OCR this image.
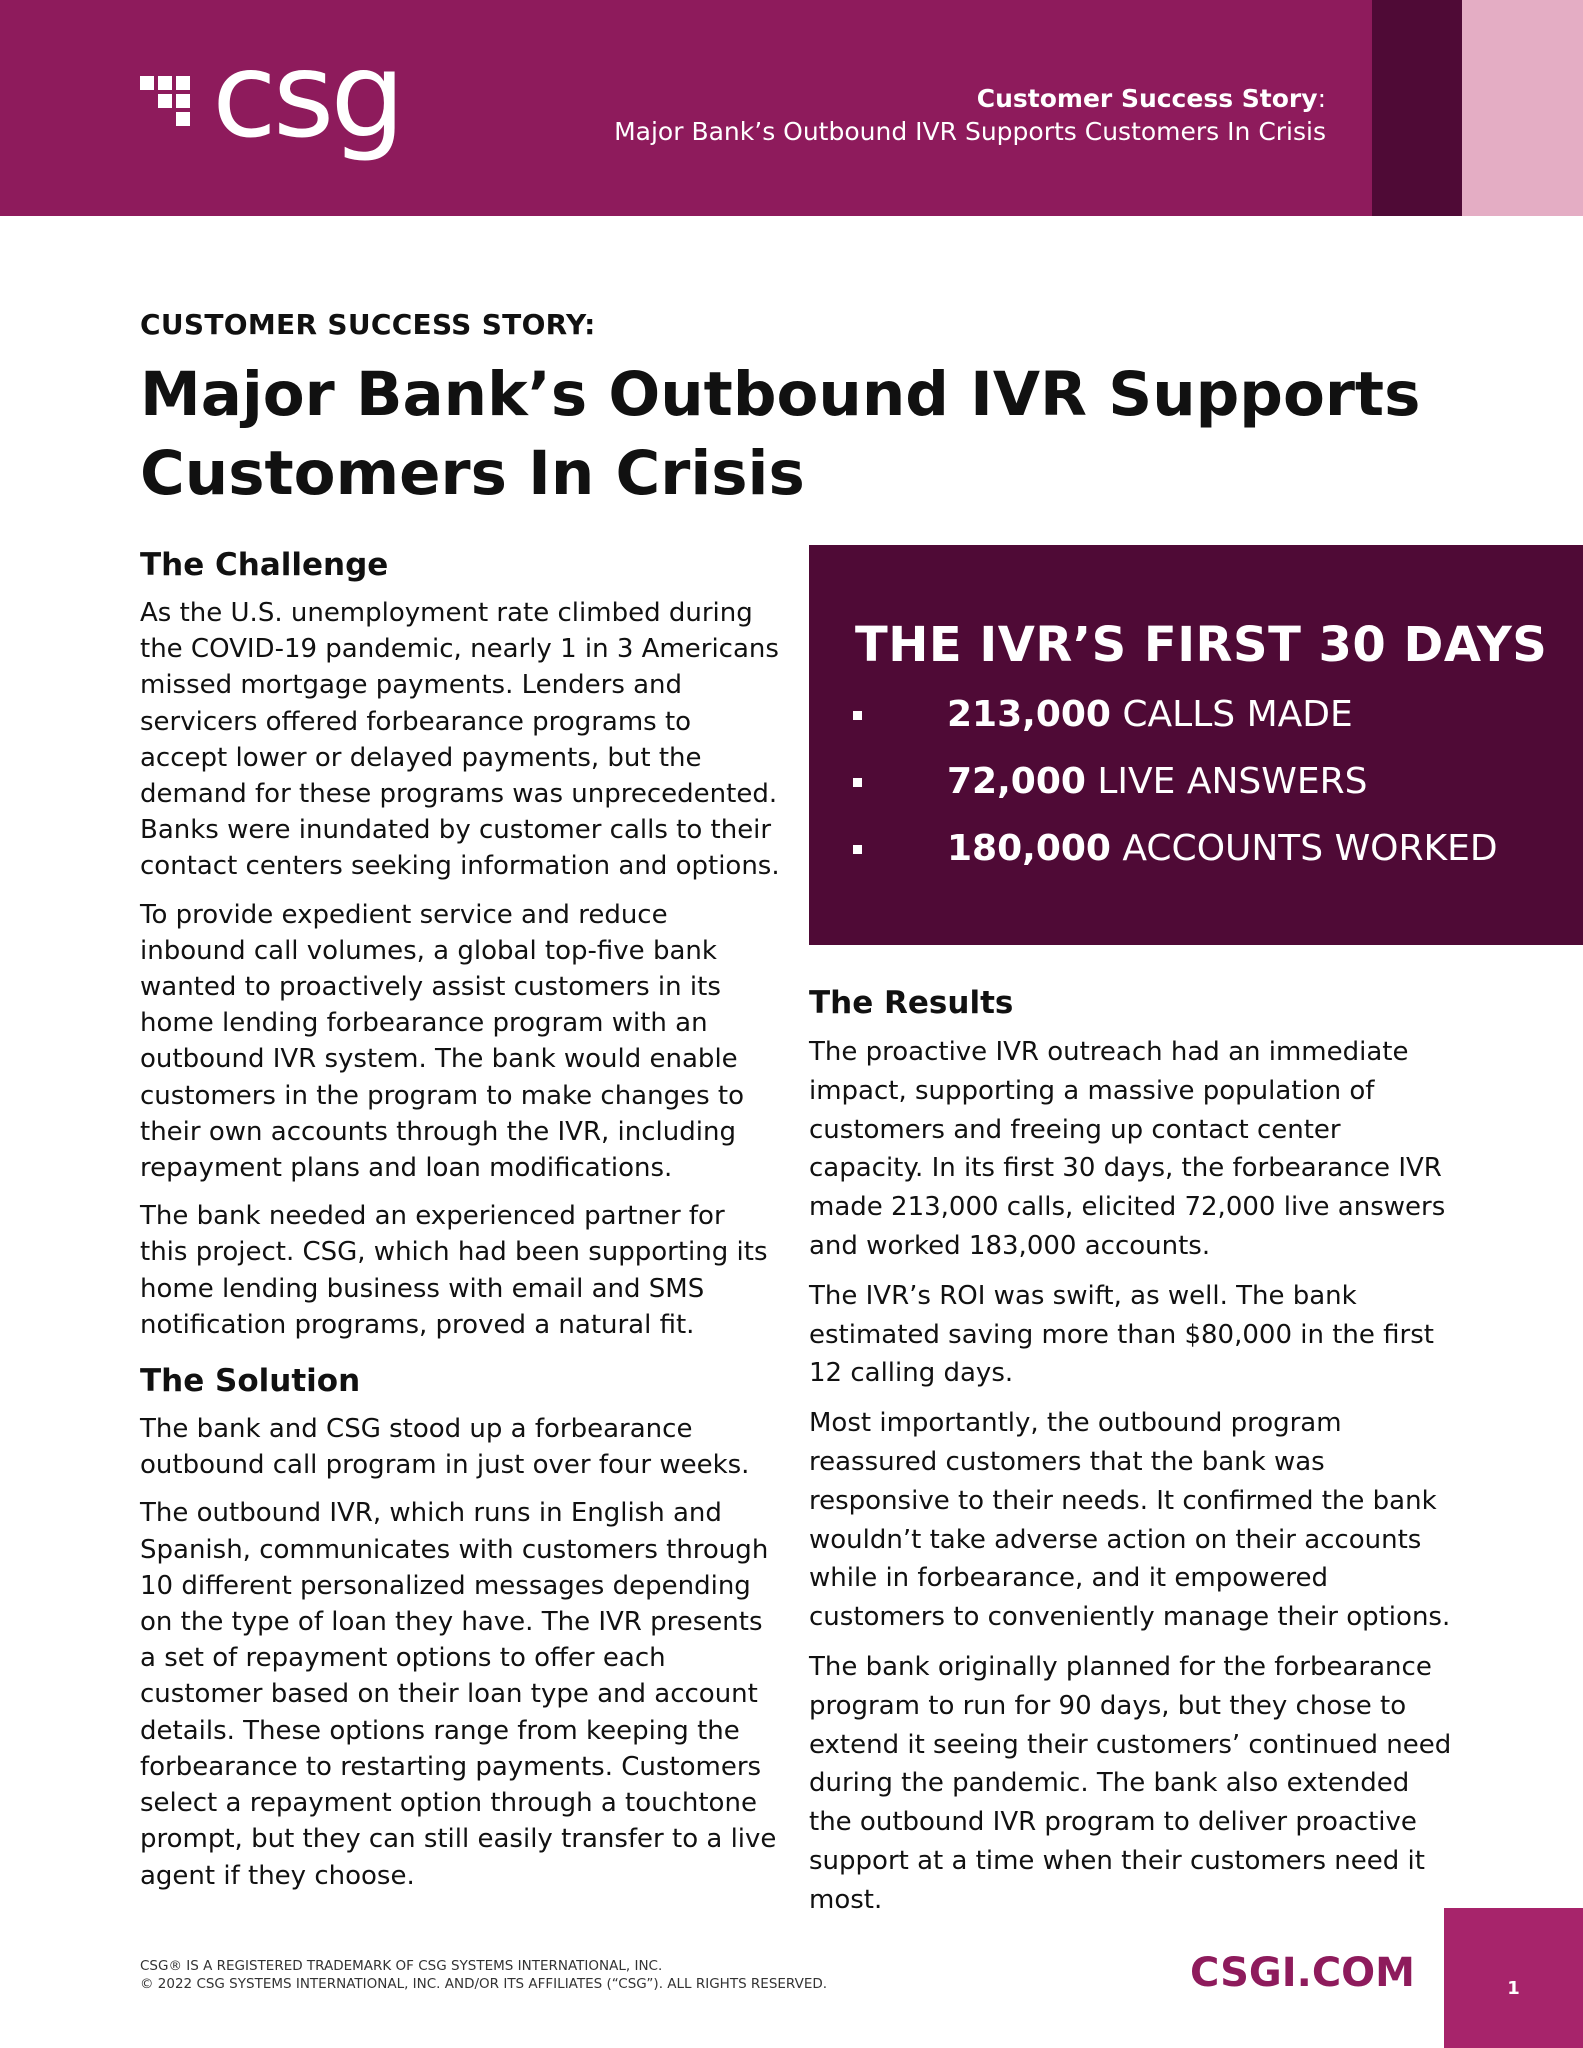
csg	Customer Success Story:
Major Bank’s Outbound IVR Supports Customers In Crisis
CUSTOMER SUCCESS STORY:
Major Bank’s Outbound IVR Supports Customers In Crisis
The Challenge

As the U.S. unemployment rate climbed during the COVID-19 pandemic, nearly 1 in 3 Americans missed mortgage payments. Lenders and servicers offered forbearance programs to accept lower or delayed payments, but the demand for these programs was unprecedented. Banks were inundated by customer calls to their contact centers seeking information and options.

To provide expedient service and reduce inbound call volumes, a global top-five bank wanted to proactively assist customers in its home lending forbearance program with an outbound IVR system. The bank would enable customers in the program to make changes to their own accounts through the IVR, including repayment plans and loan modifications.

The bank needed an experienced partner for this project. CSG, which had been supporting its home lending business with email and SMS notification programs, proved a natural fit.

The Solution

The bank and CSG stood up a forbearance outbound call program in just over four weeks.

The outbound IVR, which runs in English and Spanish, communicates with customers through 10 different personalized messages depending on the type of loan they have. The IVR presents a set of repayment options to offer each customer based on their loan type and account details. These options range from keeping the forbearance to restarting payments. Customers select a repayment option through a touchtone prompt, but they can still easily transfer to a live agent if they choose.

THE IVR’S FIRST 30 DAYS
213,000 CALLS MADE
72,000 LIVE ANSWERS
180,000 ACCOUNTS WORKED
The Results

The proactive IVR outreach had an immediate impact, supporting a massive population of customers and freeing up contact center capacity. In its first 30 days, the forbearance IVR made 213,000 calls, elicited 72,000 live answers and worked 183,000 accounts.

The IVR’s ROI was swift, as well. The bank estimated saving more than $80,000 in the first 12 calling days.

Most importantly, the outbound program reassured customers that the bank was responsive to their needs. It confirmed the bank wouldn’t take adverse action on their accounts while in forbearance, and it empowered customers to conveniently manage their options.

The bank originally planned for the forbearance program to run for 90 days, but they chose to extend it seeing their customers’ continued need during the pandemic. The bank also extended the outbound IVR program to deliver proactive support at a time when their customers need it most.

CSG® IS A REGISTERED TRADEMARK OF CSG SYSTEMS INTERNATIONAL, INC.
© 2022 CSG SYSTEMS INTERNATIONAL, INC. AND/OR ITS AFFILIATES (“CSG”). ALL RIGHTS RESERVED.	CSGI.COM	1
